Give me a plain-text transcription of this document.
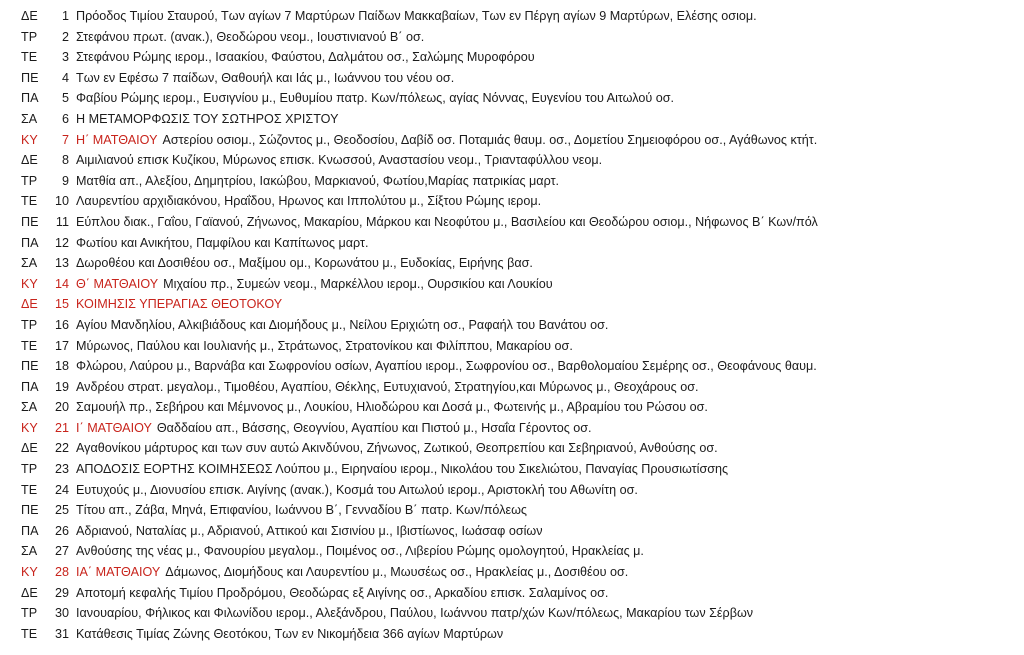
ΔΕ	1 Πρόοδος Τιμίου Σταυρού, Των αγίων 7 Μαρτύρων Παίδων Μακκαβαίων, Των εν Πέργη αγίων 9 Μαρτύρων, Ελέσης οσιομ.
ΤΡ	2 Στεφάνου πρωτ. (ανακ.), Θεοδώρου νεομ., Ιουστινιανού Β΄ οσ.
ΤΕ	3 Στεφάνου Ρώμης ιερομ., Ισαακίου, Φαύστου, Δαλμάτου οσ., Σαλώμης Μυροφόρου
ΠΕ	4 Των εν Εφέσω 7 παίδων, Θαθουήλ και Ιάς μ., Ιωάννου του νέου οσ.
ΠΑ	5 Φαβίου Ρώμης ιερομ., Ευσιγνίου μ., Ευθυμίου πατρ. Κων/πόλεως, αγίας Νόννας, Ευγενίου του Αιτωλού οσ.
ΣΑ	6 Η ΜΕΤΑΜΟΡΦΩΣΙΣ ΤΟΥ ΣΩΤΗΡΟΣ ΧΡΙΣΤΟΥ
ΚΥ	7 Η΄ ΜΑΤΘΑΙΟΥ Αστερίου οσιομ., Σώζοντος μ., Θεοδοσίου, Δαβίδ οσ. Ποταμιάς θαυμ. οσ., Δομετίου Σημειοφόρου οσ., Αγάθωνος κτήτ.
ΔΕ	8 Αιμιλιανού επισκ Κυζίκου, Μύρωνος επισκ. Κνωσσού, Αναστασίου νεομ., Τριανταφύλλου νεομ.
ΤΡ	9 Ματθία απ., Αλεξίου, Δημητρίου, Ιακώβου, Μαρκιανού, Φωτίου,Μαρίας πατρικίας μαρτ.
ΤΕ	10 Λαυρεντίου αρχιδιακόνου, Ηραΐδου, Ηρωνος και Ιππολύτου μ., Σίξτου Ρώμης ιερομ.
ΠΕ	11 Εύπλου διακ., Γαΐου, Γαϊανού, Ζήνωνος, Μακαρίου, Μάρκου και Νεοφύτου μ., Βασιλείου και Θεοδώρου οσιομ., Νήφωνος Β΄ Κων/πόλ
ΠΑ	12 Φωτίου και Ανικήτου, Παμφίλου και Καπίτωνος μαρτ.
ΣΑ	13 Δωροθέου και Δοσιθέου οσ., Μαξίμου ομ., Κορωνάτου μ., Ευδοκίας, Ειρήνης βασ.
ΚΥ	14 Θ΄ ΜΑΤΘΑΙΟΥ Μιχαίου πρ., Συμεών νεομ., Μαρκέλλου ιερομ., Ουρσικίου και Λουκίου
ΔΕ	15 ΚΟΙΜΗΣΙΣ ΥΠΕΡΑΓΙΑΣ ΘΕΟΤΟΚΟΥ
ΤΡ	16 Αγίου Μανδηλίου, Αλκιβιάδους και Διομήδους μ., Νείλου Εριχιώτη οσ., Ραφαήλ του Βανάτου οσ.
ΤΕ	17 Μύρωνος, Παύλου και Ιουλιανής μ., Στράτωνος, Στρατονίκου και Φιλίππου, Μακαρίου οσ.
ΠΕ	18 Φλώρου, Λαύρου μ., Βαρνάβα και Σωφρονίου οσίων, Αγαπίου ιερομ., Σωφρονίου οσ., Βαρθολομαίου Σεμέρης οσ., Θεοφάνους θαυμ.
ΠΑ	19 Ανδρέου στρατ. μεγαλομ., Τιμοθέου, Αγαπίου, Θέκλης, Ευτυχιανού, Στρατηγίου,και Μύρωνος μ., Θεοχάρους οσ.
ΣΑ	20 Σαμουήλ πρ., Σεβήρου και Μέμνονος μ., Λουκίου, Ηλιοδώρου και Δοσά μ., Φωτεινής μ., Αβραμίου του Ρώσου οσ.
ΚΥ	21 Ι΄ ΜΑΤΘΑΙΟΥ Θαδδαίου απ., Βάσσης, Θεογνίου, Αγαπίου και Πιστού μ., Ησαΐα Γέροντος οσ.
ΔΕ	22 Αγαθονίκου μάρτυρος και των συν αυτώ Ακινδύνου, Ζήνωνος, Ζωτικού, Θεοπρεπίου και Σεβηριανού, Ανθούσης οσ.
ΤΡ	23 ΑΠΟΔΟΣΙΣ ΕΟΡΤΗΣ ΚΟΙΜΗΣΕΩΣ Λούπου μ., Ειρηναίου ιερομ., Νικολάου του Σικελιώτου, Παναγίας Προυσιωτίσσης
ΤΕ	24 Ευτυχούς μ., Διονυσίου επισκ. Αιγίνης (ανακ.), Κοσμά του Αιτωλού ιερομ., Αριστοκλή του Αθωνίτη οσ.
ΠΕ	25 Τίτου απ., Ζάβα, Μηνά, Επιφανίου, Ιωάννου Β΄, Γενναδίου Β΄ πατρ. Κων/πόλεως
ΠΑ	26 Αδριανού, Ναταλίας μ., Αδριανού, Αττικού και Σισινίου μ., Ιβιστίωνος, Ιωάσαφ οσίων
ΣΑ	27 Ανθούσης της νέας μ., Φανουρίου μεγαλομ., Ποιμένος οσ., Λιβερίου Ρώμης ομολογητού, Ηρακλείας μ.
ΚΥ	28 ΙΑ΄ ΜΑΤΘΑΙΟΥ Δάμωνος, Διομήδους και Λαυρεντίου μ., Μωυσέως οσ., Ηρακλείας μ., Δοσιθέου οσ.
ΔΕ	29 Αποτομή κεφαλής Τιμίου Προδρόμου, Θεοδώρας εξ Αιγίνης οσ., Αρκαδίου επισκ. Σαλαμίνος οσ.
ΤΡ	30 Ιανουαρίου, Φήλικος και Φιλωνίδου ιερομ., Αλεξάνδρου, Παύλου, Ιωάννου πατρ/χών Κων/πόλεως, Μακαρίου των Σέρβων
ΤΕ	31 Κατάθεσις Τιμίας Ζώνης Θεοτόκου, Των εν Νικομήδεια 366 αγίων Μαρτύρων
